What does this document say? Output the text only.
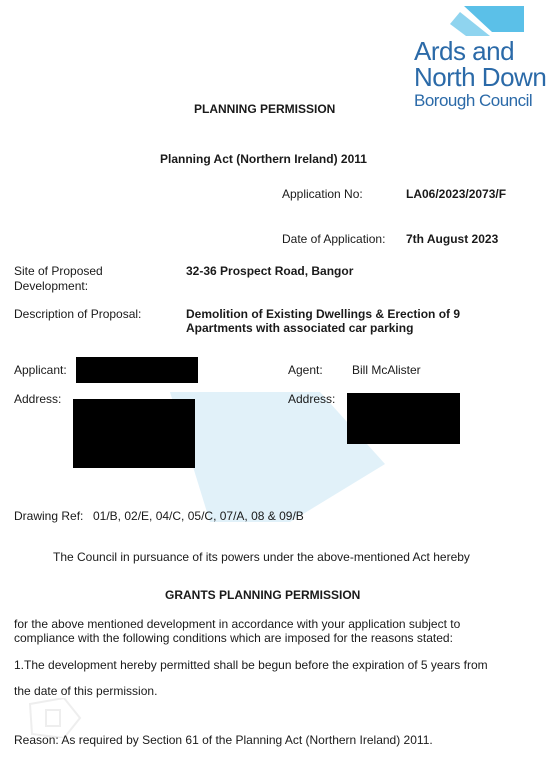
Ards and
North Down
Borough Council
PLANNING PERMISSION
Planning Act (Northern Ireland) 2011
Application No:	LA06/2023/2073/F
Date of Application: 7th August 2023
Site of Proposed
Development:
32-36 Prospect Road, Bangor
Description of Proposal:	Demolition of Existing Dwellings & Erection of 9
Apartments with associated car parking
Applicant:	Agent: Bill McAlister
Address:	Address:
Drawing Ref: 01/B, 02/E, 04/C, 05/C, 07/A, 08 & 09/B
The Council in pursuance of its powers under the above-mentioned Act hereby
GRANTS PLANNING PERMISSION
for the above mentioned development in accordance with your application subject to
compliance with the following conditions which are imposed for the reasons stated:
1.The development hereby permitted shall be begun before the expiration of 5 years from
the date of this permission.
Reason: As required by Section 61 of the Planning Act (Northern Ireland) 2011.
